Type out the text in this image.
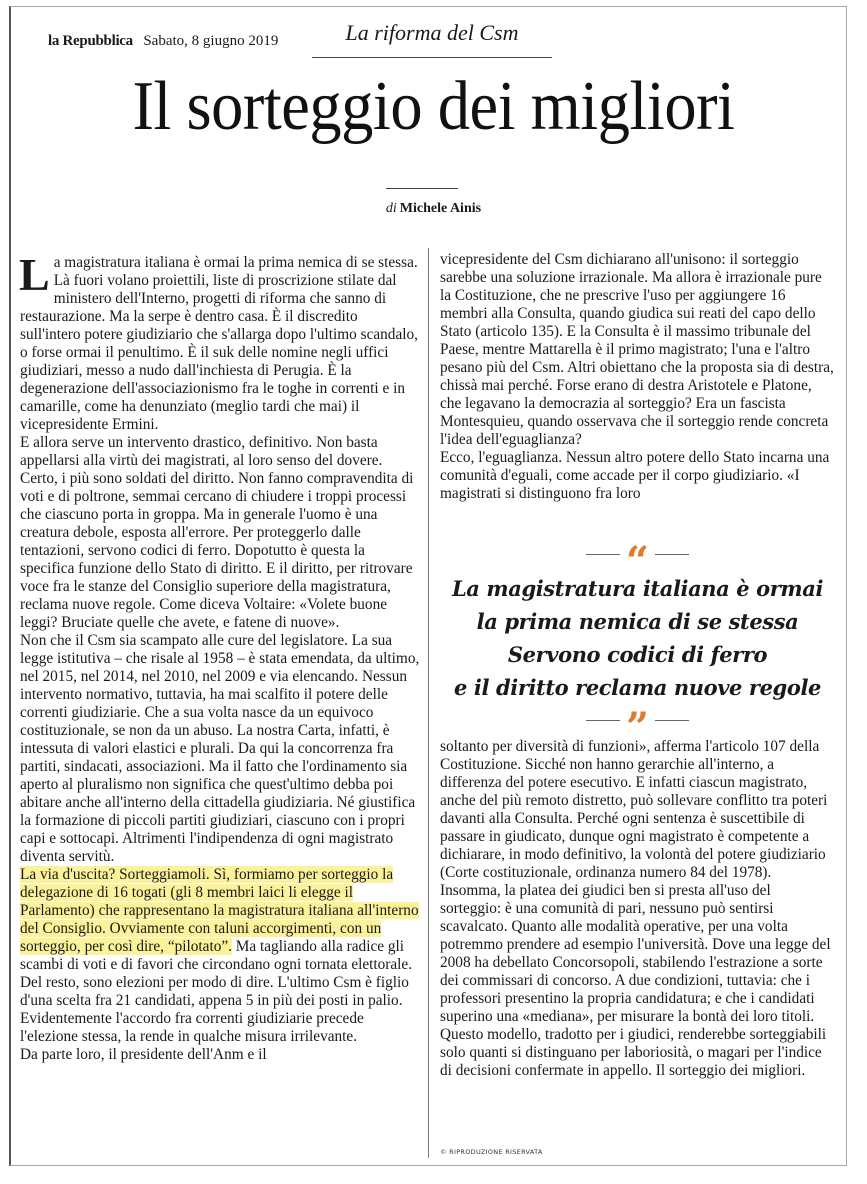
la Repubblica Sabato, 8 giugno 2019	La riforma del Csm
Il sorteggio dei migliori
di Michele Ainis

La magistratura italiana è ormai la prima nemica di se stessa. Là fuori volano proiettili, liste di proscrizione stilate dal ministero dell'Interno, progetti di riforma che sanno di restaurazione. Ma la serpe è dentro casa. È il discredito sull'intero potere giudiziario che s'allarga dopo l'ultimo scandalo, o forse ormai il penultimo. È il suk delle nomine negli uffici giudiziari, messo a nudo dall'inchiesta di Perugia. È la degenerazione dell'associazionismo fra le toghe in correnti e in camarille, come ha denunziato (meglio tardi che mai) il vicepresidente Ermini.

E allora serve un intervento drastico, definitivo. Non basta appellarsi alla virtù dei magistrati, al loro senso del dovere. Certo, i più sono soldati del diritto. Non fanno compravendita di voti e di poltrone, semmai cercano di chiudere i troppi processi che ciascuno porta in groppa. Ma in generale l'uomo è una creatura debole, esposta all'errore. Per proteggerlo dalle tentazioni, servono codici di ferro. Dopotutto è questa la specifica funzione dello Stato di diritto. E il diritto, per ritrovare voce fra le stanze del Consiglio superiore della magistratura, reclama nuove regole. Come diceva Voltaire: «Volete buone leggi? Bruciate quelle che avete, e fatene di nuove».

Non che il Csm sia scampato alle cure del legislatore. La sua legge istitutiva – che risale al 1958 – è stata emendata, da ultimo, nel 2015, nel 2014, nel 2010, nel 2009 e via elencando. Nessun intervento normativo, tuttavia, ha mai scalfito il potere delle correnti giudiziarie. Che a sua volta nasce da un equivoco costituzionale, se non da un abuso. La nostra Carta, infatti, è intessuta di valori elastici e plurali. Da qui la concorrenza fra partiti, sindacati, associazioni. Ma il fatto che l'ordinamento sia aperto al pluralismo non significa che quest'ultimo debba poi abitare anche all'interno della cittadella giudiziaria. Né giustifica la formazione di piccoli partiti giudiziari, ciascuno con i propri capi e sottocapi. Altrimenti l'indipendenza di ogni magistrato diventa servitù.

La via d'uscita? Sorteggiamoli. Sì, formiamo per sorteggio la delegazione di 16 togati (gli 8 membri laici li elegge il Parlamento) che rappresentano la magistratura italiana all'interno del Consiglio. Ovviamente con taluni accorgimenti, con un sorteggio, per così dire, “pilotato”. Ma tagliando alla radice gli scambi di voti e di favori che circondano ogni tornata elettorale. Del resto, sono elezioni per modo di dire. L'ultimo Csm è figlio d'una scelta fra 21 candidati, appena 5 in più dei posti in palio. Evidentemente l'accordo fra correnti giudiziarie precede l'elezione stessa, la rende in qualche misura irrilevante.

Da parte loro, il presidente dell'Anm e il

vicepresidente del Csm dichiarano all'unisono: il sorteggio sarebbe una soluzione irrazionale. Ma allora è irrazionale pure la Costituzione, che ne prescrive l'uso per aggiungere 16 membri alla Consulta, quando giudica sui reati del capo dello Stato (articolo 135). E la Consulta è il massimo tribunale del Paese, mentre Mattarella è il primo magistrato; l'una e l'altro pesano più del Csm. Altri obiettano che la proposta sia di destra, chissà mai perché. Forse erano di destra Aristotele e Platone, che legavano la democrazia al sorteggio? Era un fascista Montesquieu, quando osservava che il sorteggio rende concreta l'idea dell'eguaglianza?

Ecco, l'eguaglianza. Nessun altro potere dello Stato incarna una comunità d'eguali, come accade per il corpo giudiziario. «I magistrati si distinguono fra loro

“
La magistratura italiana è ormai
la prima nemica di se stessa
Servono codici di ferro
e il diritto reclama nuove regole
”

soltanto per diversità di funzioni», afferma l'articolo 107 della Costituzione. Sicché non hanno gerarchie all'interno, a differenza del potere esecutivo. E infatti ciascun magistrato, anche del più remoto distretto, può sollevare conflitto tra poteri davanti alla Consulta. Perché ogni sentenza è suscettibile di passare in giudicato, dunque ogni magistrato è competente a dichiarare, in modo definitivo, la volontà del potere giudiziario (Corte costituzionale, ordinanza numero 84 del 1978).

Insomma, la platea dei giudici ben si presta all'uso del sorteggio: è una comunità di pari, nessuno può sentirsi scavalcato. Quanto alle modalità operative, per una volta potremmo prendere ad esempio l'università. Dove una legge del 2008 ha debellato Concorsopoli, stabilendo l'estrazione a sorte dei commissari di concorso. A due condizioni, tuttavia: che i professori presentino la propria candidatura; e che i candidati superino una «mediana», per misurare la bontà dei loro titoli. Questo modello, tradotto per i giudici, renderebbe sorteggiabili solo quanti si distinguano per laboriosità, o magari per l'indice di decisioni confermate in appello. Il sorteggio dei migliori.

© RIPRODUZIONE RISERVATA
